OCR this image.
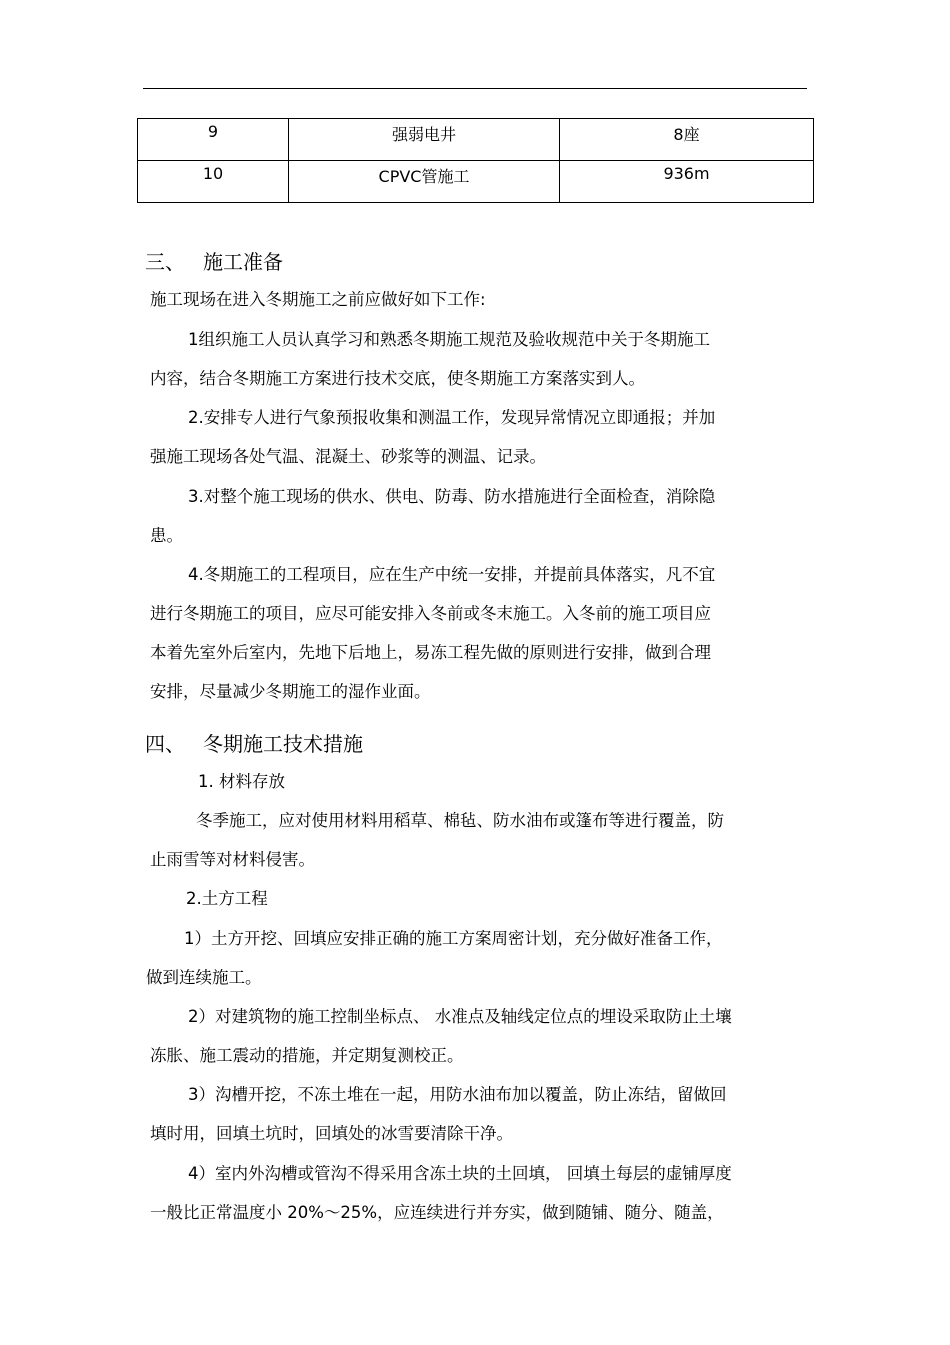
9	强弱电井	8座
10	CPVC管施工	936m
三、 施工准备
施工现场在进入冬期施工之前应做好如下工作:
1组织施工人员认真学习和熟悉冬期施工规范及验收规范中关于冬期施工
内容，结合冬期施工方案进行技术交底，使冬期施工方案落实到人。
2.安排专人进行气象预报收集和测温工作，发现异常情况立即通报；并加
强施工现场各处气温、混凝土、砂浆等的测温、记录。
3.对整个施工现场的供水、供电、防毒、防水措施进行全面检查，消除隐
患。
4.冬期施工的工程项目，应在生产中统一安排，并提前具体落实，凡不宜
进行冬期施工的项目，应尽可能安排入冬前或冬末施工。入冬前的施工项目应
本着先室外后室内，先地下后地上，易冻工程先做的原则进行安排，做到合理
安排，尽量减少冬期施工的湿作业面。
四、 冬期施工技术措施
1. 材料存放
冬季施工，应对使用材料用稻草、棉毡、防水油布或篷布等进行覆盖，防
止雨雪等对材料侵害。
2.土方工程
1）土方开挖、回填应安排正确的施工方案周密计划，充分做好准备工作，
做到连续施工。
2）对建筑物的施工控制坐标点、 水准点及轴线定位点的埋设采取防止土壤
冻胀、施工震动的措施，并定期复测校正。
3）沟槽开挖，不冻土堆在一起，用防水油布加以覆盖，防止冻结，留做回
填时用，回填土坑时，回填处的冰雪要清除干净。
4）室内外沟槽或管沟不得采用含冻土块的土回填， 回填土每层的虚铺厚度
一般比正常温度小 20%～25%，应连续进行并夯实，做到随铺、随分、随盖，
